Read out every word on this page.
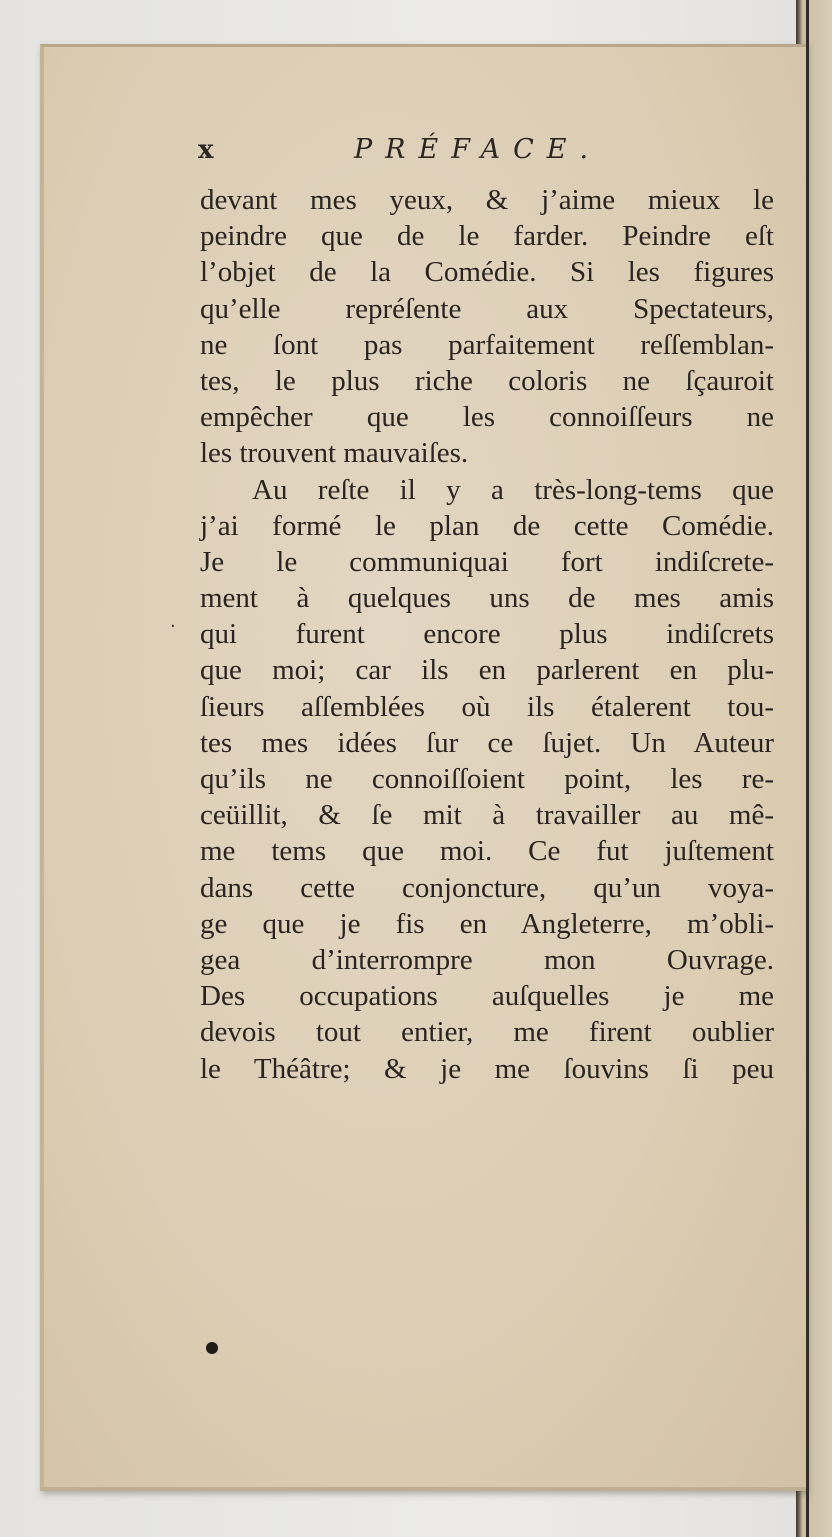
x	PRÉFACE.
devant mes yeux, & j’aime mieux le
peindre que de le farder. Peindre eſt
l’objet de la Comédie. Si les figures
qu’elle repréſente aux Spectateurs,
ne ſont pas parfaitement reſſemblan-
tes, le plus riche coloris ne ſçauroit
empêcher que les connoiſſeurs ne
les trouvent mauvaiſes.
Au reſte il y a très-long-tems que
j’ai formé le plan de cette Comédie.
Je le communiquai fort indiſcrete-
ment à quelques uns de mes amis
qui furent encore plus indiſcrets
que moi; car ils en parlerent en plu-
ſieurs aſſemblées où ils étalerent tou-
tes mes idées ſur ce ſujet. Un Auteur
qu’ils ne connoiſſoient point, les re-
ceüillit, & ſe mit à travailler au mê-
me tems que moi. Ce fut juſtement
dans cette conjoncture, qu’un voya-
ge que je fis en Angleterre, m’obli-
gea d’interrompre mon Ouvrage.
Des occupations auſquelles je me
devois tout entier, me firent oublier
le Théâtre; & je me ſouvins ſi peu
·
